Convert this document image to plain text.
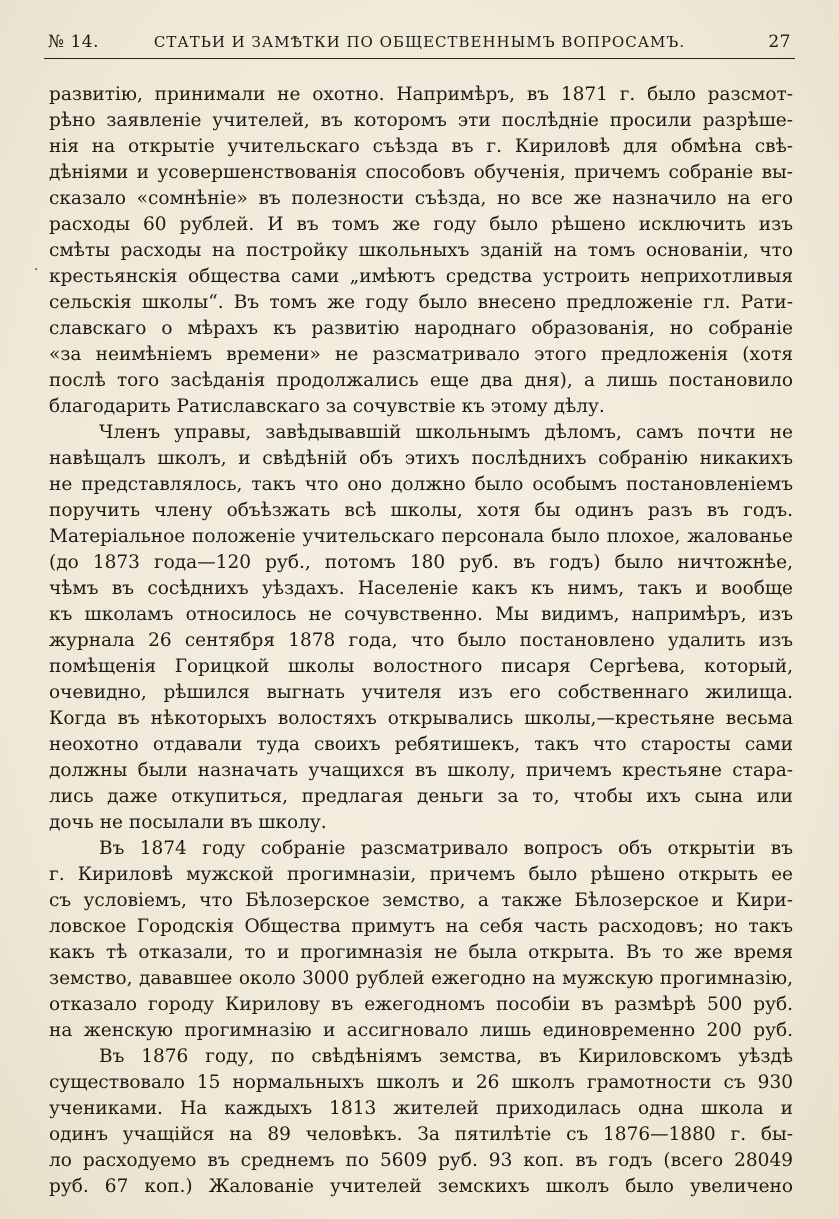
№ 14.	СТАТЬИ И ЗАМѢТКИ ПО ОБЩЕСТВЕННЫМЪ ВОПРОСАМЪ.	27
·
развитiю, принимали не охотно. Напримѣръ, въ 1871 г. было разсмот-
рѣно заявленiе учителей, въ которомъ эти послѣднiе просили разрѣше-
нiя на открытiе учительскаго съѣзда въ г. Кириловѣ для обмѣна свѣ-
дѣнiями и усовершенствованiя способовъ обученiя, причемъ собранiе вы-
сказало «сомнѣнiе» въ полезности съѣзда, но все же назначило на его
расходы 60 рублей. И въ томъ же году было рѣшено исключить изъ
смѣты расходы на постройку школьныхъ зданiй на томъ основанiи, что
крестьянскiя общества сами „имѣютъ средства устроить неприхотливыя
сельскiя школы“. Въ томъ же году было внесено предложенiе гл. Рати-
славскаго о мѣрахъ къ развитiю народнаго образованiя, но собранiе
«за неимѣнiемъ времени» не разсматривало этого предложенiя (хотя
послѣ того засѣданiя продолжались еще два дня), а лишь постановило
благодарить Ратиславскаго за сочувствiе къ этому дѣлу.
Членъ управы, завѣдывавшiй школьнымъ дѣломъ, самъ почти не
навѣщалъ школъ, и свѣдѣнiй объ этихъ послѣднихъ собранiю никакихъ
не представлялось, такъ что оно должно было особымъ постановленiемъ
поручить члену объѣзжать всѣ школы, хотя бы одинъ разъ въ годъ.
Матерiальное положенiе учительскаго персонала было плохое, жалованье
(до 1873 года—120 руб., потомъ 180 руб. въ годъ) было ничтожнѣе,
чѣмъ въ сосѣднихъ уѣздахъ. Населенiе какъ къ нимъ, такъ и вообще
къ школамъ относилось не сочувственно. Мы видимъ, напримѣръ, изъ
журнала 26 сентября 1878 года, что было постановлено удалить изъ
помѣщенiя Горицкой школы волостного писаря Сергѣева, который,
очевидно, рѣшился выгнать учителя изъ его собственнаго жилища.
Когда въ нѣкоторыхъ волостяхъ открывались школы,—крестьяне весьма
неохотно отдавали туда своихъ ребятишекъ, такъ что старосты сами
должны были назначать учащихся въ школу, причемъ крестьяне стара-
лись даже откупиться, предлагая деньги за то, чтобы ихъ сына или
дочь не посылали въ школу.
Въ 1874 году собранiе разсматривало вопросъ объ открытiи въ
г. Кириловѣ мужской прогимназiи, причемъ было рѣшено открыть ее
съ условiемъ, что Бѣлозерское земство, а также Бѣлозерское и Кири-
ловское Городскiя Общества примутъ на себя часть расходовъ; но такъ
какъ тѣ отказали, то и прогимназiя не была открыта. Въ то же время
земство, дававшее около 3000 рублей ежегодно на мужскую прогимназiю,
отказало городу Кирилову въ ежегодномъ пособiи въ размѣрѣ 500 руб.
на женскую прогимназiю и ассигновало лишь единовременно 200 руб.
Въ 1876 году, по свѣдѣнiямъ земства, въ Кириловскомъ уѣздѣ
существовало 15 нормальныхъ школъ и 26 школъ грамотности съ 930
учениками. На каждыхъ 1813 жителей приходилась одна школа и
одинъ учащiйся на 89 человѣкъ. За пятилѣтiе съ 1876—1880 г. бы-
ло расходуемо въ среднемъ по 5609 руб. 93 коп. въ годъ (всего 28049
руб. 67 коп.) Жалованiе учителей земскихъ школъ было увеличено
